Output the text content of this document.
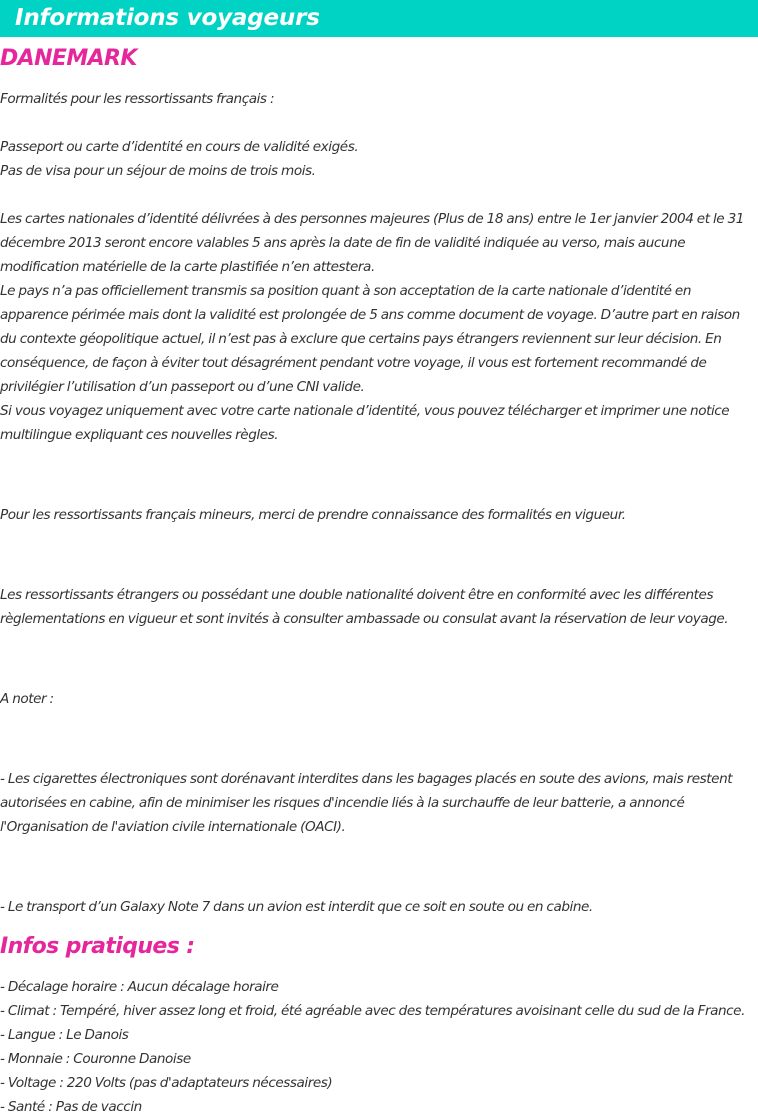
Informations voyageurs
DANEMARK

Formalités pour les ressortissants français :

Passeport ou carte d’identité en cours de validité exigés.

Pas de visa pour un séjour de moins de trois mois.

Les cartes nationales d’identité délivrées à des personnes majeures (Plus de 18 ans) entre le 1er janvier 2004 et le 31 décembre 2013 seront encore valables 5 ans après la date de fin de validité indiquée au verso, mais aucune modification matérielle de la carte plastifiée n’en attestera.

Le pays n’a pas officiellement transmis sa position quant à son acceptation de la carte nationale d’identité en apparence périmée mais dont la validité est prolongée de 5 ans comme document de voyage. D’autre part en raison du contexte géopolitique actuel, il n’est pas à exclure que certains pays étrangers reviennent sur leur décision. En conséquence, de façon à éviter tout désagrément pendant votre voyage, il vous est fortement recommandé de privilégier l’utilisation d’un passeport ou d’une CNI valide.

Si vous voyagez uniquement avec votre carte nationale d’identité, vous pouvez télécharger et imprimer une notice multilingue expliquant ces nouvelles règles.

Pour les ressortissants français mineurs, merci de prendre connaissance des formalités en vigueur.

Les ressortissants étrangers ou possédant une double nationalité doivent être en conformité avec les différentes règlementations en vigueur et sont invités à consulter ambassade ou consulat avant la réservation de leur voyage.

A noter :

- Les cigarettes électroniques sont dorénavant interdites dans les bagages placés en soute des avions, mais restent autorisées en cabine, afin de minimiser les risques d'incendie liés à la surchauffe de leur batterie, a annoncé l'Organisation de l'aviation civile internationale (OACI).

- Le transport d’un Galaxy Note 7 dans un avion est interdit que ce soit en soute ou en cabine.

Infos pratiques :

- Décalage horaire : Aucun décalage horaire

- Climat : Tempéré, hiver assez long et froid, été agréable avec des températures avoisinant celle du sud de la France.

- Langue : Le Danois

- Monnaie : Couronne Danoise

- Voltage : 220 Volts (pas d'adaptateurs nécessaires)

- Santé : Pas de vaccin
